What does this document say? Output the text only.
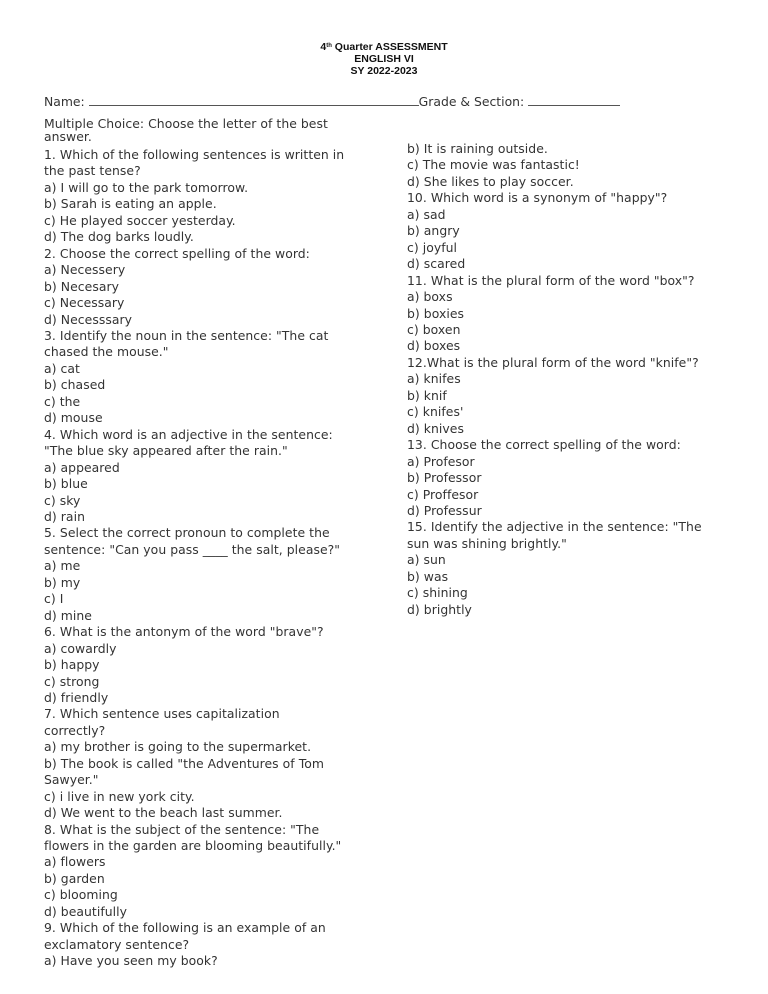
4th Quarter ASSESSMENT
ENGLISH VI
SY 2022-2023
Name:	Grade & Section:
Multiple Choice: Choose the letter of the best
answer.
1. Which of the following sentences is written in
the past tense?
a) I will go to the park tomorrow.
b) Sarah is eating an apple.
c) He played soccer yesterday.
d) The dog barks loudly.
2. Choose the correct spelling of the word:
a) Necessery
b) Necesary
c) Necessary
d) Necesssary
3. Identify the noun in the sentence: "The cat
chased the mouse."
a) cat
b) chased
c) the
d) mouse
4. Which word is an adjective in the sentence:
"The blue sky appeared after the rain."
a) appeared
b) blue
c) sky
d) rain
5. Select the correct pronoun to complete the
sentence: "Can you pass ____ the salt, please?"
a) me
b) my
c) I
d) mine
6. What is the antonym of the word "brave"?
a) cowardly
b) happy
c) strong
d) friendly
7. Which sentence uses capitalization
correctly?
a) my brother is going to the supermarket.
b) The book is called "the Adventures of Tom
Sawyer."
c) i live in new york city.
d) We went to the beach last summer.
8. What is the subject of the sentence: "The
flowers in the garden are blooming beautifully."
a) flowers
b) garden
c) blooming
d) beautifully
9. Which of the following is an example of an
exclamatory sentence?
a) Have you seen my book?
b) It is raining outside.
c) The movie was fantastic!
d) She likes to play soccer.
10. Which word is a synonym of "happy"?
a) sad
b) angry
c) joyful
d) scared
11. What is the plural form of the word "box"?
a) boxs
b) boxies
c) boxen
d) boxes
12.What is the plural form of the word "knife"?
a) knifes
b) knif
c) knifes'
d) knives
13. Choose the correct spelling of the word:
a) Profesor
b) Professor
c) Proffesor
d) Professur
15. Identify the adjective in the sentence: "The
sun was shining brightly."
a) sun
b) was
c) shining
d) brightly
